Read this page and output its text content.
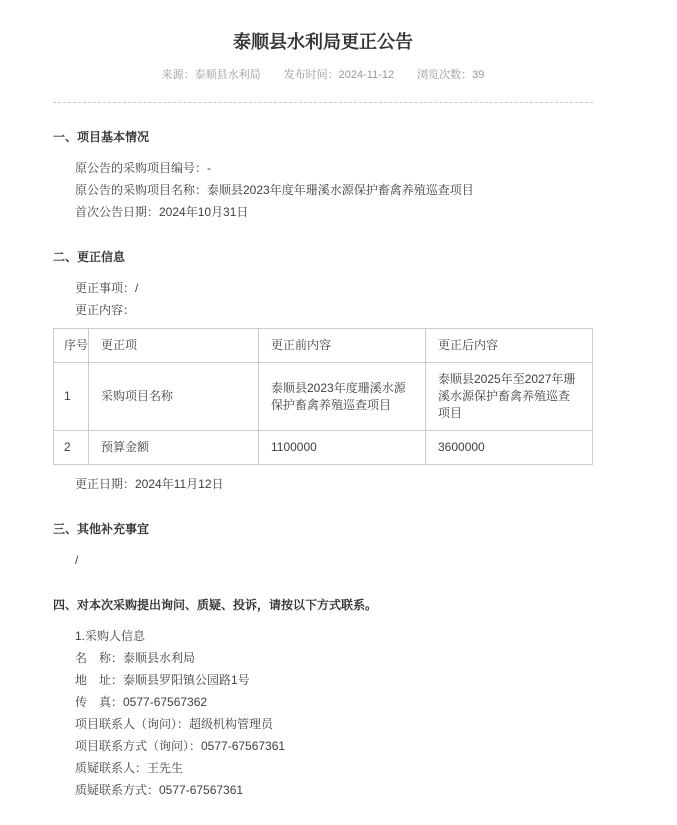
泰顺县水利局更正公告
来源：泰顺县水利局 发布时间：2024-11-12 浏览次数：39
一、项目基本情况

原公告的采购项目编号：-

原公告的采购项目名称：泰顺县2023年度年珊溪水源保护畜禽养殖巡查项目

首次公告日期：2024年10月31日

二、更正信息

更正事项：/

更正内容：

序号	更正项	更正前内容	更正后内容
1	采购项目名称	泰顺县2023年度珊溪水源保护畜禽养殖巡查项目	泰顺县2025年至2027年珊溪水源保护畜禽养殖巡查项目
2	预算金额	1100000	3600000

更正日期：2024年11月12日

三、其他补充事宜

/

四、对本次采购提出询问、质疑、投诉，请按以下方式联系。

1.采购人信息

名　称：泰顺县水利局

地　址：泰顺县罗阳镇公园路1号

传　真：0577-67567362

项目联系人（询问）：超级机构管理员

项目联系方式（询问）：0577-67567361

质疑联系人：王先生

质疑联系方式：0577-67567361
